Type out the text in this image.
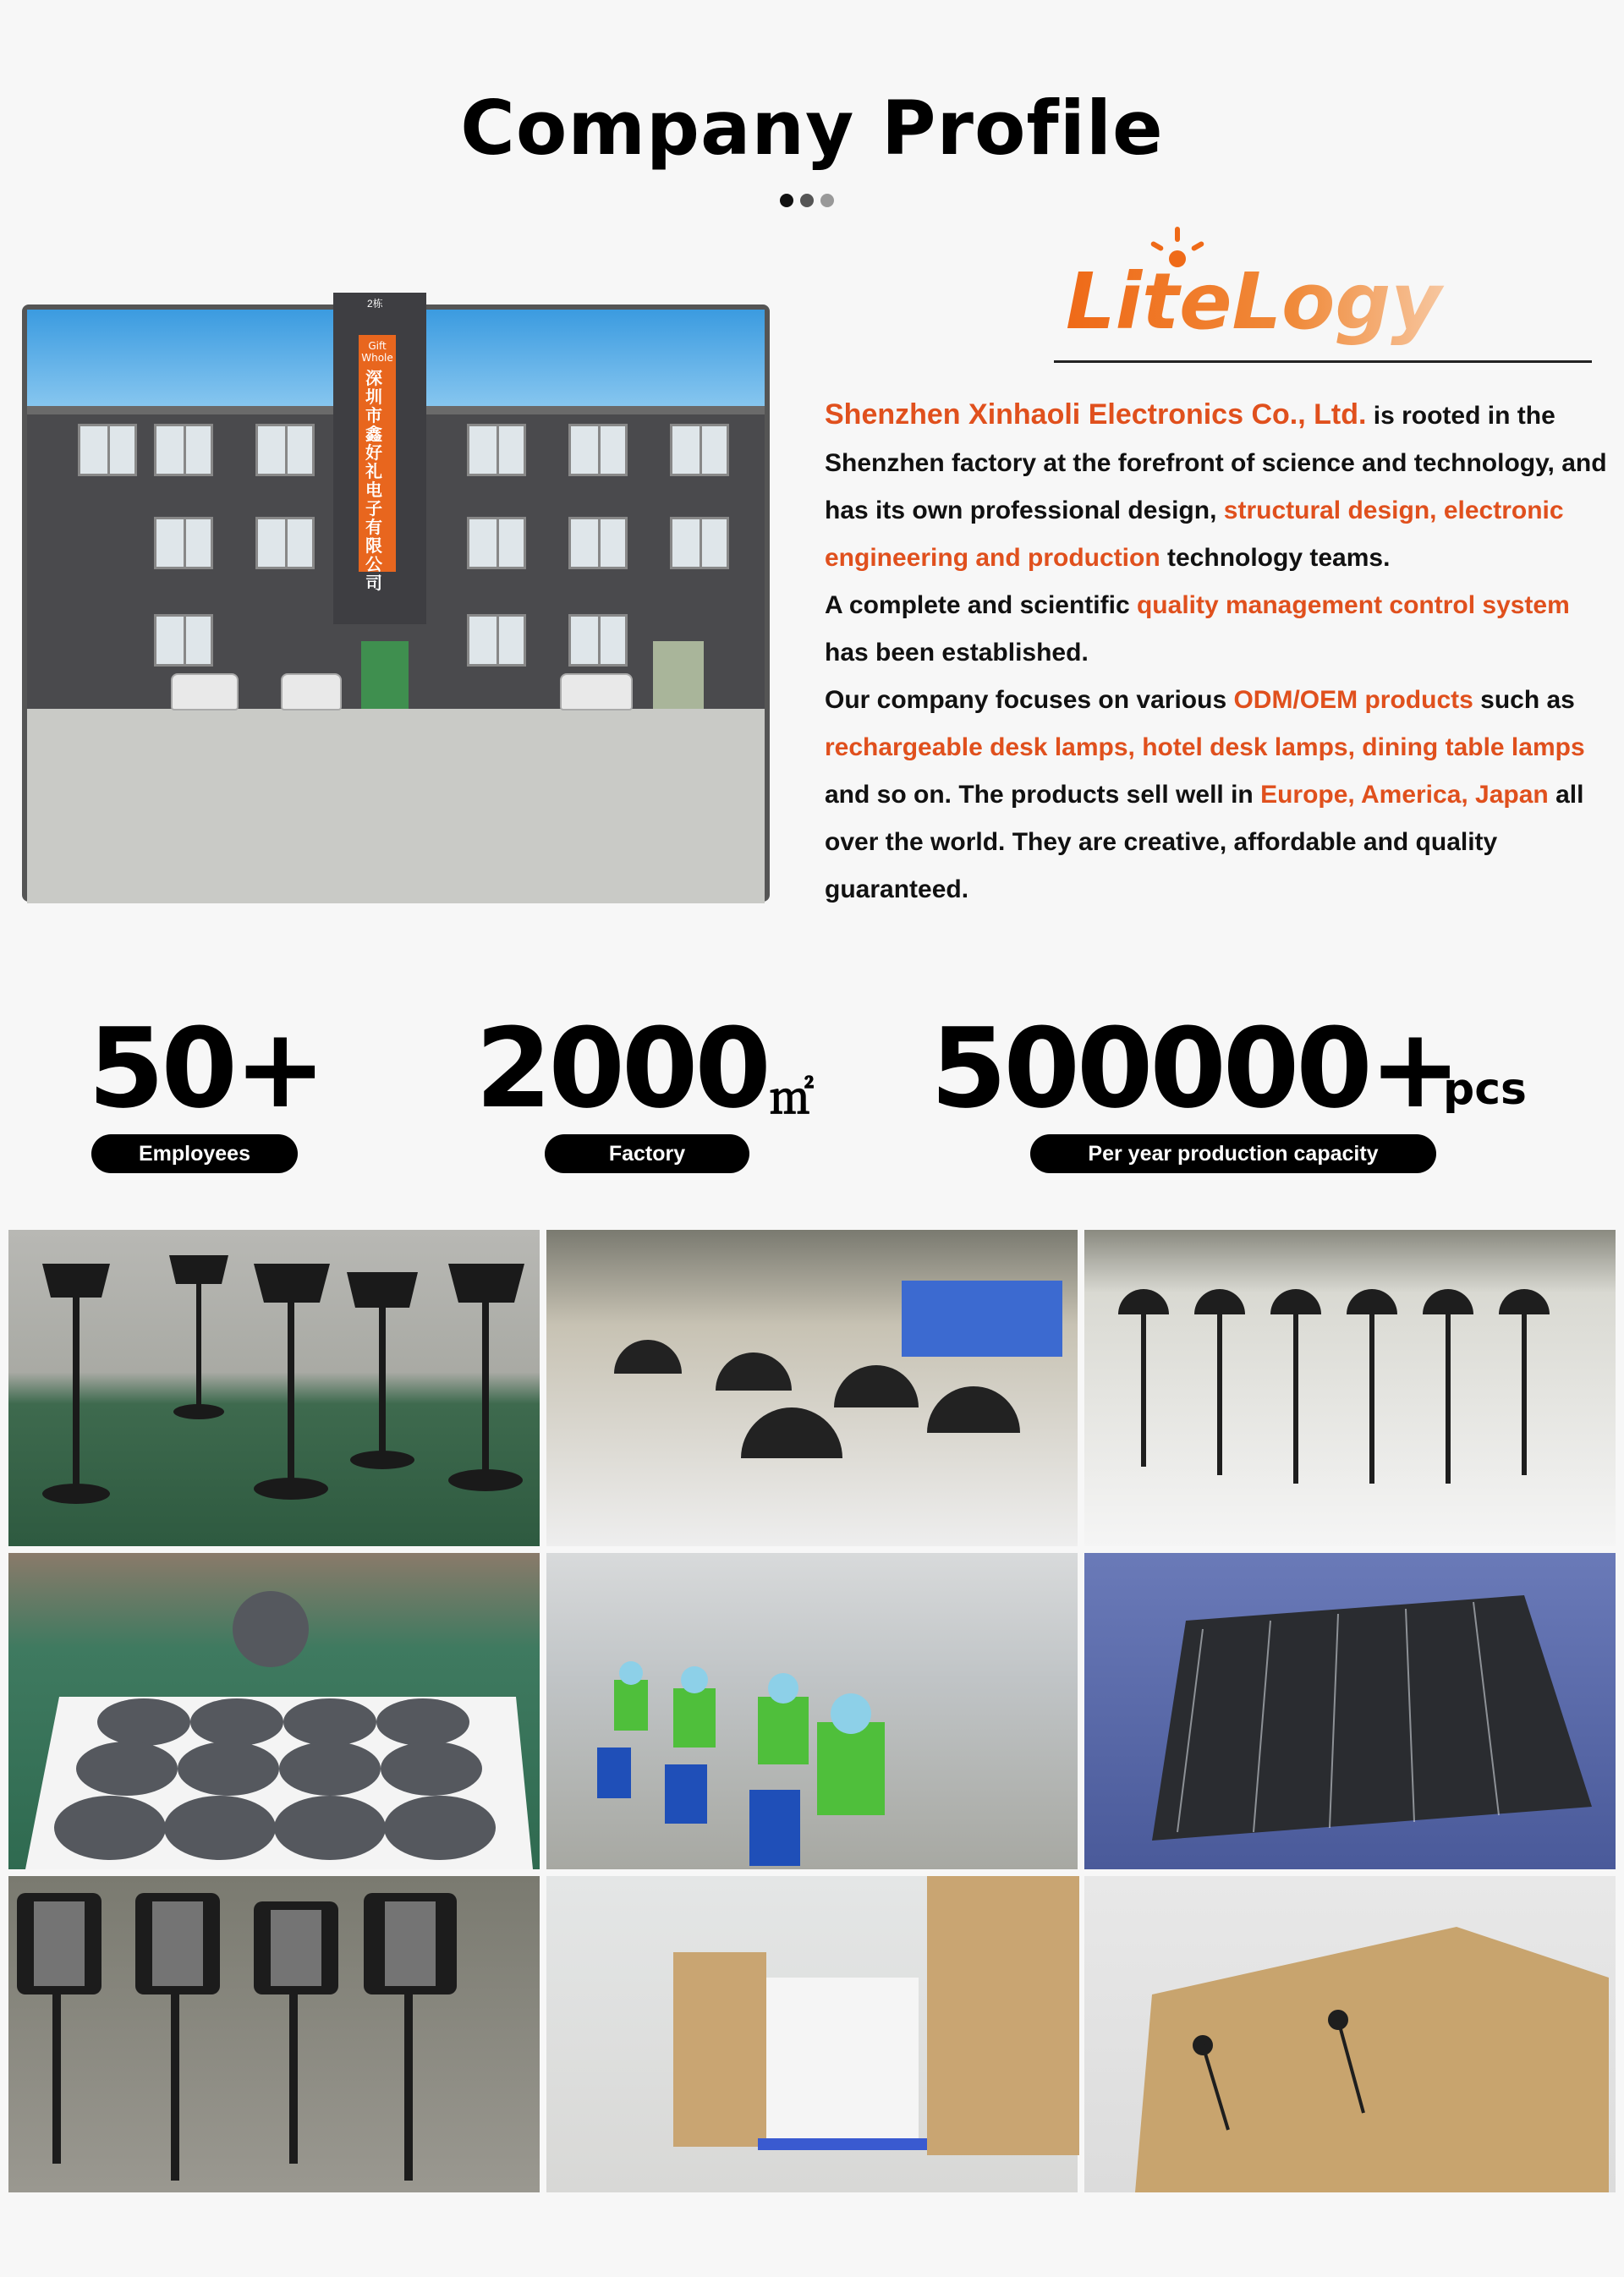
Company Profile
Gift Whole
深圳市鑫好礼电子有限公司
2栋	LiteLogy
Shenzhen Xinhaoli Electronics Co., Ltd. is rooted in the Shenzhen factory at the forefront of science and technology, and has its own professional design, structural design, electronic engineering and production technology teams.
A complete and scientific quality management control system has been established.
Our company focuses on various ODM/OEM products such as rechargeable desk lamps, hotel desk lamps, dining table lamps and so on. The products sell well in Europe, America, Japan all over the world. They are creative, affordable and quality guaranteed.
50+
Employees
2000 ㎡
Factory
500000+
pcs
Per year production capacity
